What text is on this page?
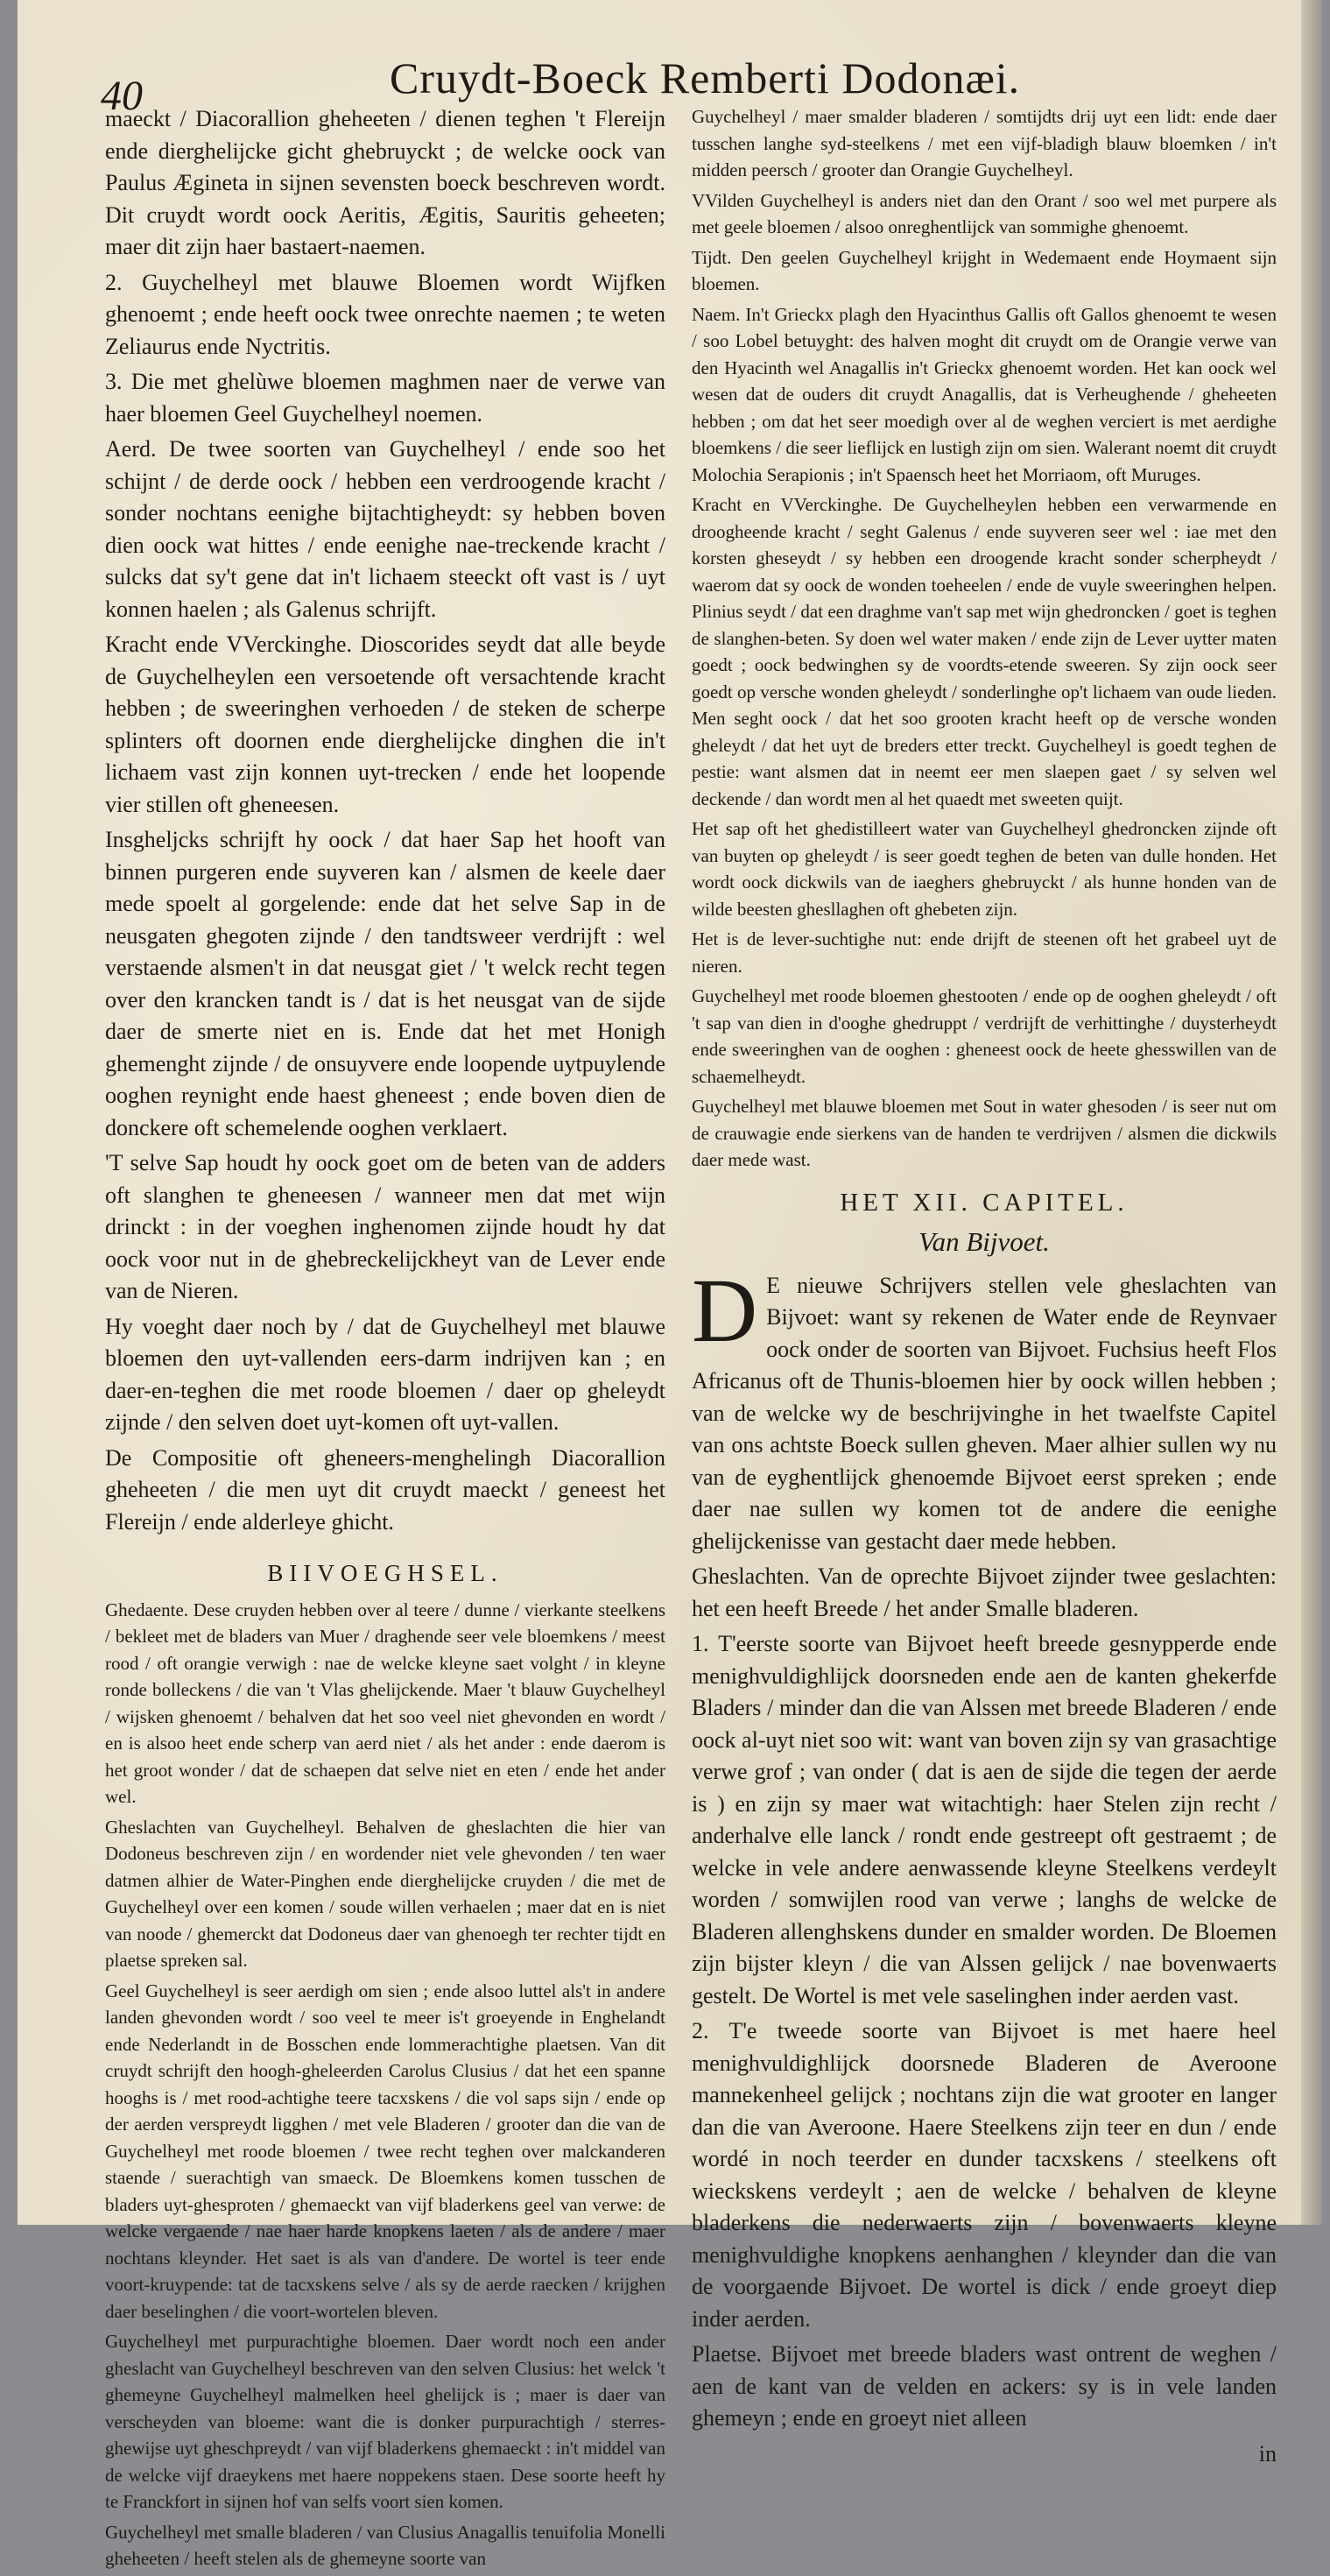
40	Cruydt-Boeck Remberti Dodonæi.

maeckt / Diacorallion gheheeten / dienen teghen 't Flereijn ende dierghelijcke gicht ghebruyckt ; de welcke oock van Paulus Ægineta in sijnen sevensten boeck beschreven wordt. Dit cruydt wordt oock Aeritis, Ægitis, Sauritis geheeten; maer dit zijn haer bastaert-naemen.

2. Guychelheyl met blauwe Bloemen wordt Wijfken ghenoemt ; ende heeft oock twee onrechte naemen ; te weten Zeliaurus ende Nyctritis.

3. Die met ghelùwe bloemen maghmen naer de verwe van haer bloemen Geel Guychelheyl noemen.

Aerd. De twee soorten van Guychelheyl / ende soo het schijnt / de derde oock / hebben een verdroogende kracht / sonder nochtans eenighe bijtachtigheydt: sy hebben boven dien oock wat hittes / ende eenighe nae-treckende kracht / sulcks dat sy't gene dat in't lichaem steeckt oft vast is / uyt konnen haelen ; als Galenus schrijft.

Kracht ende VVerckinghe. Dioscorides seydt dat alle beyde de Guychelheylen een versoetende oft versachtende kracht hebben ; de sweeringhen verhoeden / de steken de scherpe splinters oft doornen ende dierghelijcke dinghen die in't lichaem vast zijn konnen uyt-trecken / ende het loopende vier stillen oft gheneesen.

Insgheljcks schrijft hy oock / dat haer Sap het hooft van binnen purgeren ende suyveren kan / alsmen de keele daer mede spoelt al gorgelende: ende dat het selve Sap in de neusgaten ghegoten zijnde / den tandtsweer verdrijft : wel verstaende alsmen't in dat neusgat giet / 't welck recht tegen over den krancken tandt is / dat is het neusgat van de sijde daer de smerte niet en is. Ende dat het met Honigh ghemenght zijnde / de onsuyvere ende loopende uytpuylende ooghen reynight ende haest gheneest ; ende boven dien de donckere oft schemelende ooghen verklaert.

'T selve Sap houdt hy oock goet om de beten van de adders oft slanghen te gheneesen / wanneer men dat met wijn drinckt : in der voeghen inghenomen zijnde houdt hy dat oock voor nut in de ghebreckelijckheyt van de Lever ende van de Nieren.

Hy voeght daer noch by / dat de Guychelheyl met blauwe bloemen den uyt-vallenden eers-darm indrijven kan ; en daer-en-teghen die met roode bloemen / daer op gheleydt zijnde / den selven doet uyt-komen oft uyt-vallen.

De Compositie oft gheneers-menghelingh Diacorallion gheheeten / die men uyt dit cruydt maeckt / geneest het Flereijn / ende alderleye ghicht.

BIIVOEGHSEL.

Ghedaente. Dese cruyden hebben over al teere / dunne / vierkante steelkens / bekleet met de bladers van Muer / draghende seer vele bloemkens / meest rood / oft orangie verwigh : nae de welcke kleyne saet volght / in kleyne ronde bolleckens / die van 't Vlas ghelijckende. Maer 't blauw Guychelheyl / wijsken ghenoemt / behalven dat het soo veel niet ghevonden en wordt / en is alsoo heet ende scherp van aerd niet / als het ander : ende daerom is het groot wonder / dat de schaepen dat selve niet en eten / ende het ander wel.

Gheslachten van Guychelheyl. Behalven de gheslachten die hier van Dodoneus beschreven zijn / en wordender niet vele ghevonden / ten waer datmen alhier de Water-Pinghen ende dierghelijcke cruyden / die met de Guychelheyl over een komen / soude willen verhaelen ; maer dat en is niet van noode / ghemerckt dat Dodoneus daer van ghenoegh ter rechter tijdt en plaetse spreken sal.

Geel Guychelheyl is seer aerdigh om sien ; ende alsoo luttel als't in andere landen ghevonden wordt / soo veel te meer is't groeyende in Enghelandt ende Nederlandt in de Bosschen ende lommerachtighe plaetsen. Van dit cruydt schrijft den hoogh-gheleerden Carolus Clusius / dat het een spanne hooghs is / met rood-achtighe teere tacxskens / die vol saps sijn / ende op der aerden verspreydt ligghen / met vele Bladeren / grooter dan die van de Guychelheyl met roode bloemen / twee recht teghen over malckanderen staende / suerachtigh van smaeck. De Bloemkens komen tusschen de bladers uyt-ghesproten / ghemaeckt van vijf bladerkens geel van verwe: de welcke vergaende / nae haer harde knopkens laeten / als de andere / maer nochtans kleynder. Het saet is als van d'andere. De wortel is teer ende voort-kruypende: tat de tacxskens selve / als sy de aerde raecken / krijghen daer beselinghen / die voort-wortelen bleven.

Guychelheyl met purpurachtighe bloemen. Daer wordt noch een ander gheslacht van Guychelheyl beschreven van den selven Clusius: het welck 't ghemeyne Guychelheyl malmelken heel ghelijck is ; maer is daer van verscheyden van bloeme: want die is donker purpurachtigh / sterres-ghewijse uyt gheschpreydt / van vijf bladerkens ghemaeckt : in't middel van de welcke vijf draeykens met haere noppekens staen. Dese soorte heeft hy te Franckfort in sijnen hof van selfs voort sien komen.

Guychelheyl met smalle bladeren / van Clusius Anagallis tenuifolia Monelli gheheeten / heeft stelen als de ghemeyne soorte van

Guychelheyl / maer smalder bladeren / somtijdts drij uyt een lidt: ende daer tusschen langhe syd-steelkens / met een vijf-bladigh blauw bloemken / in't midden peersch / grooter dan Orangie Guychelheyl.

VVilden Guychelheyl is anders niet dan den Orant / soo wel met purpere als met geele bloemen / alsoo onreghentlijck van sommighe ghenoemt.

Tijdt. Den geelen Guychelheyl krijght in Wedemaent ende Hoymaent sijn bloemen.

Naem. In't Grieckx plagh den Hyacinthus Gallis oft Gallos ghenoemt te wesen / soo Lobel betuyght: des halven moght dit cruydt om de Orangie verwe van den Hyacinth wel Anagallis in't Grieckx ghenoemt worden. Het kan oock wel wesen dat de ouders dit cruydt Anagallis, dat is Verheughende / gheheeten hebben ; om dat het seer moedigh over al de weghen verciert is met aerdighe bloemkens / die seer lieflijck en lustigh zijn om sien. Walerant noemt dit cruydt Molochia Serapionis ; in't Spaensch heet het Morriaom, oft Muruges.

Kracht en VVerckinghe. De Guychelheylen hebben een verwarmende en droogheende kracht / seght Galenus / ende suyveren seer wel : iae met den korsten gheseydt / sy hebben een droogende kracht sonder scherpheydt / waerom dat sy oock de wonden toeheelen / ende de vuyle sweeringhen helpen. Plinius seydt / dat een draghme van't sap met wijn ghedroncken / goet is teghen de slanghen-beten. Sy doen wel water maken / ende zijn de Lever uytter maten goedt ; oock bedwinghen sy de voordts-etende sweeren. Sy zijn oock seer goedt op versche wonden gheleydt / sonderlinghe op't lichaem van oude lieden. Men seght oock / dat het soo grooten kracht heeft op de versche wonden gheleydt / dat het uyt de breders etter treckt. Guychelheyl is goedt teghen de pestie: want alsmen dat in neemt eer men slaepen gaet / sy selven wel deckende / dan wordt men al het quaedt met sweeten quijt.

Het sap oft het ghedistilleert water van Guychelheyl ghedroncken zijnde oft van buyten op gheleydt / is seer goedt teghen de beten van dulle honden. Het wordt oock dickwils van de iaeghers ghebruyckt / als hunne honden van de wilde beesten ghesllaghen oft ghebeten zijn.

Het is de lever-suchtighe nut: ende drijft de steenen oft het grabeel uyt de nieren.

Guychelheyl met roode bloemen ghestooten / ende op de ooghen gheleydt / oft 't sap van dien in d'ooghe ghedruppt / verdrijft de verhittinghe / duysterheydt ende sweeringhen van de ooghen : gheneest oock de heete ghesswillen van de schaemelheydt.

Guychelheyl met blauwe bloemen met Sout in water ghesoden / is seer nut om de crauwagie ende sierkens van de handen te verdrijven / alsmen die dickwils daer mede wast.

HET XII. CAPITEL.
Van Bijvoet.

D E nieuwe Schrijvers stellen vele gheslachten van Bijvoet: want sy rekenen de Water ende de Reynvaer oock onder de soorten van Bijvoet. Fuchsius heeft Flos Africanus oft de Thunis-bloemen hier by oock willen hebben ; van de welcke wy de beschrijvinghe in het twaelfste Capitel van ons achtste Boeck sullen gheven. Maer alhier sullen wy nu van de eyghentlijck ghenoemde Bijvoet eerst spreken ; ende daer nae sullen wy komen tot de andere die eenighe ghelijckenisse van gestacht daer mede hebben.

Gheslachten. Van de oprechte Bijvoet zijnder twee geslachten: het een heeft Breede / het ander Smalle bladeren.

1. T'eerste soorte van Bijvoet heeft breede gesnypperde ende menighvuldighlijck doorsneden ende aen de kanten ghekerfde Bladers / minder dan die van Alssen met breede Bladeren / ende oock al-uyt niet soo wit: want van boven zijn sy van grasachtige verwe grof ; van onder ( dat is aen de sijde die tegen der aerde is ) en zijn sy maer wat witachtigh: haer Stelen zijn recht / anderhalve elle lanck / rondt ende gestreept oft gestraemt ; de welcke in vele andere aenwassende kleyne Steelkens verdeylt worden / somwijlen rood van verwe ; langhs de welcke de Bladeren allenghskens dunder en smalder worden. De Bloemen zijn bijster kleyn / die van Alssen gelijck / nae bovenwaerts gestelt. De Wortel is met vele saselinghen inder aerden vast.

2. T'e tweede soorte van Bijvoet is met haere heel menighvuldighlijck doorsnede Bladeren de Averoone mannekenheel gelijck ; nochtans zijn die wat grooter en langer dan die van Averoone. Haere Steelkens zijn teer en dun / ende wordé in noch teerder en dunder tacxskens / steelkens oft wieckskens verdeylt ; aen de welcke / behalven de kleyne bladerkens die nederwaerts zijn / bovenwaerts kleyne menighvuldighe knopkens aenhanghen / kleynder dan die van de voorgaende Bijvoet. De wortel is dick / ende groeyt diep inder aerden.

Plaetse. Bijvoet met breede bladers wast ontrent de weghen / aen de kant van de velden en ackers: sy is in vele landen ghemeyn ; ende en groeyt niet alleen

in
